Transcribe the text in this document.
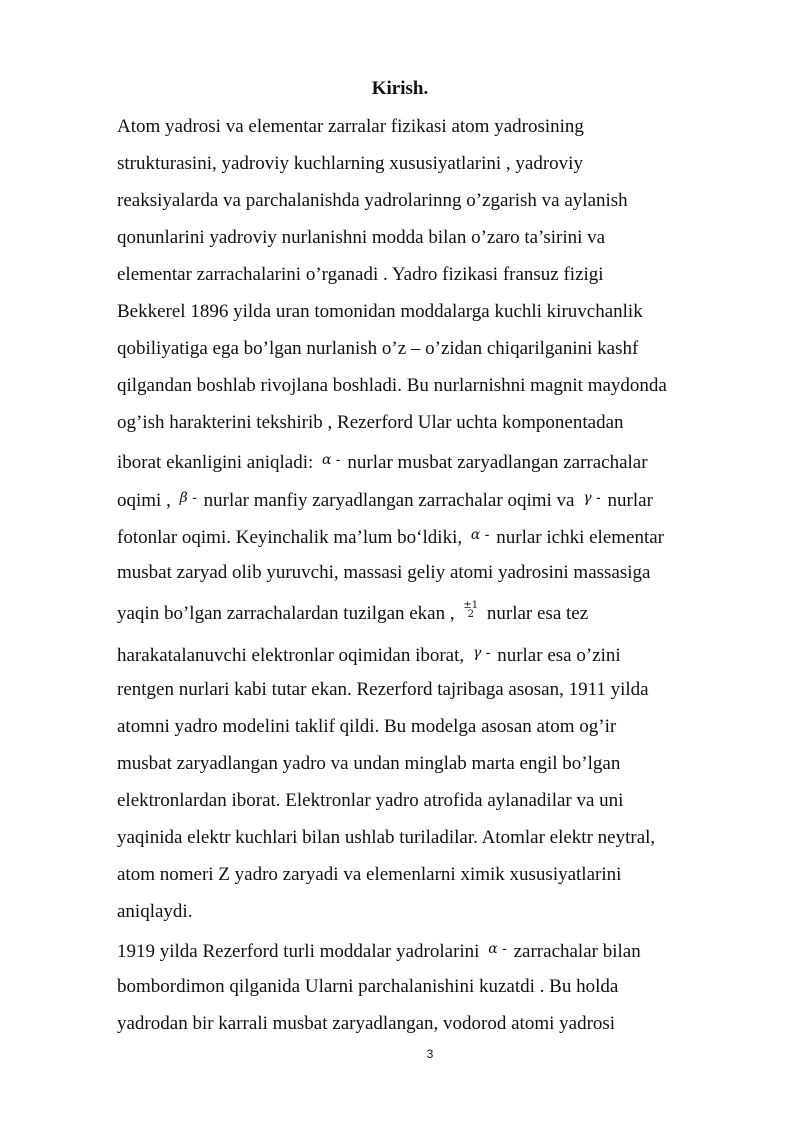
Kirish.
Atom yadrosi va elementar zarralar fizikasi atom yadrosining
strukturasini, yadroviy kuchlarning xususiyatlarini , yadroviy
reaksiyalarda va parchalanishda yadrolarinng o’zgarish va aylanish
qonunlarini yadroviy nurlanishni modda bilan o’zaro ta’sirini va
elementar zarrachalarini o’rganadi . Yadro fizikasi fransuz fizigi
Bekkerel 1896 yilda uran tomonidan moddalarga kuchli kiruvchanlik
qobiliyatiga ega bo’lgan nurlanish o’z – o’zidan chiqarilganini kashf
qilgandan boshlab rivojlana boshladi. Bu nurlarnishni magnit maydonda
og’ish harakterini tekshirib , Rezerford Ular uchta komponentadan
iborat ekanligini aniqladi: α - nurlar musbat zaryadlangan zarrachalar
oqimi , β - nurlar manfiy zaryadlangan zarrachalar oqimi va γ - nurlar
fotonlar oqimi. Keyinchalik ma’lum bo‘ldiki, α - nurlar ichki elementar
musbat zaryad olib yuruvchi, massasi geliy atomi yadrosini massasiga
yaqin bo’lgan zarrachalardan tuzilgan ekan , ±1
2 nurlar esa tez
harakatalanuvchi elektronlar oqimidan iborat, γ - nurlar esa o’zini
rentgen nurlari kabi tutar ekan. Rezerford tajribaga asosan, 1911 yilda
atomni yadro modelini taklif qildi. Bu modelga asosan atom og’ir
musbat zaryadlangan yadro va undan minglab marta engil bo’lgan
elektronlardan iborat. Elektronlar yadro atrofida aylanadilar va uni
yaqinida elektr kuchlari bilan ushlab turiladilar. Atomlar elektr neytral,
atom nomeri Z yadro zaryadi va elemenlarni ximik xususiyatlarini
aniqlaydi.
1919 yilda Rezerford turli moddalar yadrolarini α - zarrachalar bilan
bombordimon qilganida Ularni parchalanishini kuzatdi . Bu holda
yadrodan bir karrali musbat zaryadlangan, vodorod atomi yadrosi
3
